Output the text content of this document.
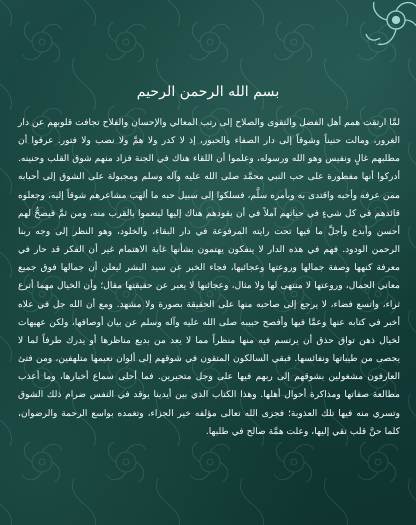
بسم الله الرحمن الرحيم

لمَّا ارتقت همم أهل الفضل والتقوى والصلاح إلى رتب المعالي والإحسان والفلاح تجافت قلوبهم عن دار الغرور، ومالت حنيناً وشوقاً إلى دار الصفاء والحبور، إذ لا كدر ولا همَّ ولا نصب ولا فتور. عرفوا أن مطلبهم غالٍ ونفيس وهو الله ورسوله، وعلموا أن اللقاء هناك في الجنة فزاد منهم شوق القلب وحنينه. أدركوا أنها مفطورة على حب النبي محمَّد صلى الله عليه وآله وسلم ومجبولة على الشوق إلى أحبابه ممن عرفه وأحبه واقتدى به وبأمره سلَّم، فسلكوا إلى سبيل حبه ما ألهب مشاعرهم شوقاً إليه، وجعلوه قائدهم في كل شيءٍ في حياتهم آملاً في أن يقودهم هناك إليها لينعموا بالقرب منه، ومن ثمَّ فيصحُّ لهم أحسن وأبدع وأجلَّ ما فيها تحت رايته المرفوعة في دار البقاء، والخلود، وهو النظر إلى وجه ربنا الرحمن الودود. فهم في هذه الدار لا ينفكون يهتمون بشأنها غاية الاهتمام غير أن الفكر قد حار في معرفة كنهها وصفة جمالها وروعتها وعجائبها، فجاء الخبر عن سيد البشر ليعلن أن جمالها فوق جميع معاني الجمال، وروعتها لا منتهى لها ولا مثال، وعجائبها لا يعبر عن حقيقتها مقال؛ وأن الخيال مهما أترع ثراء، واتسع فضاء، لا يرجع إلى صاحبه منها على الحقيقة بصورة ولا مشهد. ومع أن الله جل في علاه أخبر في كتابه عنها وعمَّا فيها وأفصح حبيبه صلى الله عليه وآله وسلم عن بيان أوصافها، ولكن عهيهات لخيال ذهن تواق حذق أن يرتسم فيه منها منظراً مما لا يعد من بديع مناظرها أو يدرك طرفاً لما لا يحصى من طيباتها ونفائسها. فبقي السالكون المتقون في شوقهم إلى ألوان نعيمها متلهفين، ومن فتئ العارفون مشغولين بشوقهم إلى ربهم فيها على وجل متحيرين. فما أحلى سماع أخبارها، وما أعذب مطالعة صفاتها ومذاكرة أحوال أهلها. وهذا الكتاب الذي بين أيدينا يوقد في النفس ضرام ذلك الشوق وتسري منه فيها تلك العذوبة؛ فجزى الله تعالى مؤلفه خير الجزاء، وتغمده بواسع الرحمة والرضوان، كلما حنَّ قلب تقي إليها، وعلت همَّة صالح في طلبها.
